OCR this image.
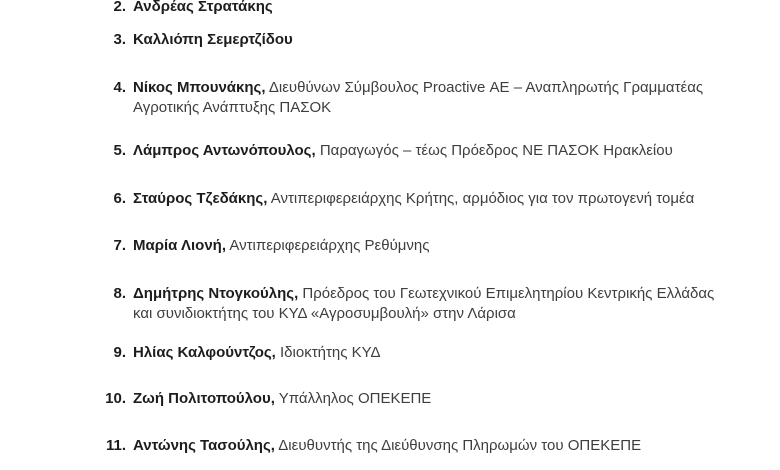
2. Ανδρέας Στρατάκης
3. Καλλιόπη Σεμερτζίδου
4. Νίκος Μπουνάκης, Διευθύνων Σύμβουλος Proactive ΑΕ – Αναπληρωτής Γραμματέας Αγροτικής Ανάπτυξης ΠΑΣΟΚ
5. Λάμπρος Αντωνόπουλος, Παραγωγός – τέως Πρόεδρος ΝΕ ΠΑΣΟΚ Ηρακλείου
6. Σταύρος Τζεδάκης, Αντιπεριφερειάρχης Κρήτης, αρμόδιος για τον πρωτογενή τομέα
7. Μαρία Λιονή, Αντιπεριφερειάρχης Ρεθύμνης
8. Δημήτρης Ντογκούλης, Πρόεδρος του Γεωτεχνικού Επιμελητηρίου Κεντρικής Ελλάδας και συνιδιοκτήτης του ΚΥΔ «Αγροσυμβουλή» στην Λάρισα
9. Ηλίας Καλφούντζος, Ιδιοκτήτης ΚΥΔ
10. Ζωή Πολιτοπούλου, Υπάλληλος ΟΠΕΚΕΠΕ
11. Αντώνης Τασούλης, Διευθυντής της Διεύθυνσης Πληρωμών του ΟΠΕΚΕΠΕ
